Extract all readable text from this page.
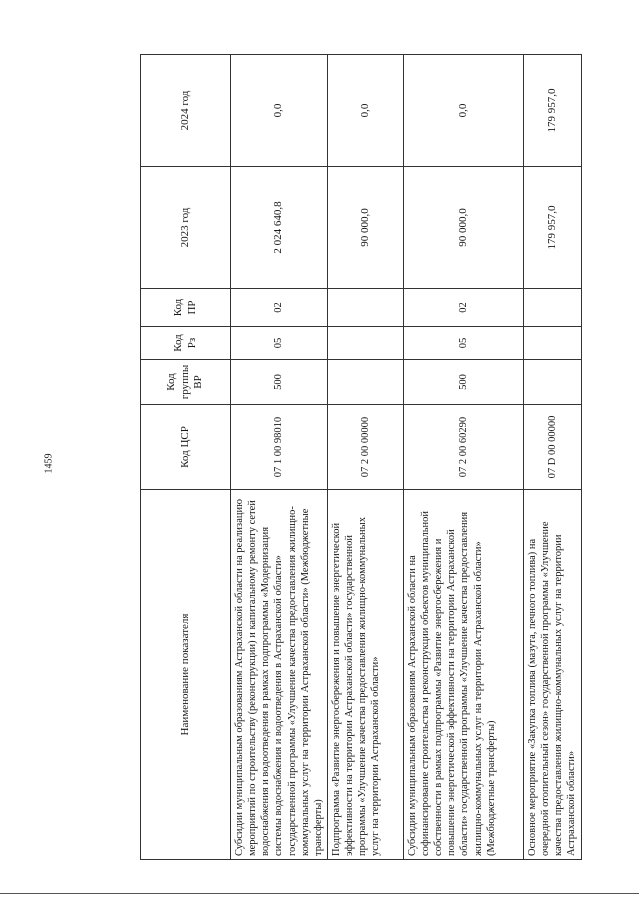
1459
Наименование показателя	Код ЦСР	Код группы ВР	Код Рз	Код ПР	2023 год	2024 год
Субсидии муниципальным образованиям Астраханской области на реализацию мероприятий по строительству (реконструкции) и капитальному ремонту сетей водоснабжения и водоотведения в рамках подпрограммы «Модернизация системы водоснабжения и водоотведения в Астраханской области» государственной программы «Улучшение качества предоставления жилищно-коммунальных услуг на территории Астраханской области» (Межбюджетные трансферты)	07 1 00 98010	500	05	02	2 024 640,8	0,0
Подпрограмма «Развитие энергосбережения и повышение энергетической эффективности на территории Астраханской области» государственной программы «Улучшение качества предоставления жилищно-коммунальных услуг на территории Астраханской области»	07 2 00 00000				90 000,0	0,0
Субсидии муниципальным образованиям Астраханской области на софинансирование строительства и реконструкции объектов муниципальной собственности в рамках подпрограммы «Развитие энергосбережения и повышение энергетической эффективности на территории Астраханской области» государственной программы «Улучшение качества предоставления жилищно-коммунальных услуг на территории Астраханской области» (Межбюджетные трансферты)	07 2 00 60290	500	05	02	90 000,0	0,0
Основное мероприятие «Закупка топлива (мазута, печного топлива) на очередной отопительный сезон» государственной программы «Улучшение качества предоставления жилищно-коммунальных услуг на территории Астраханской области»	07 D 00 00000				179 957,0	179 957,0
